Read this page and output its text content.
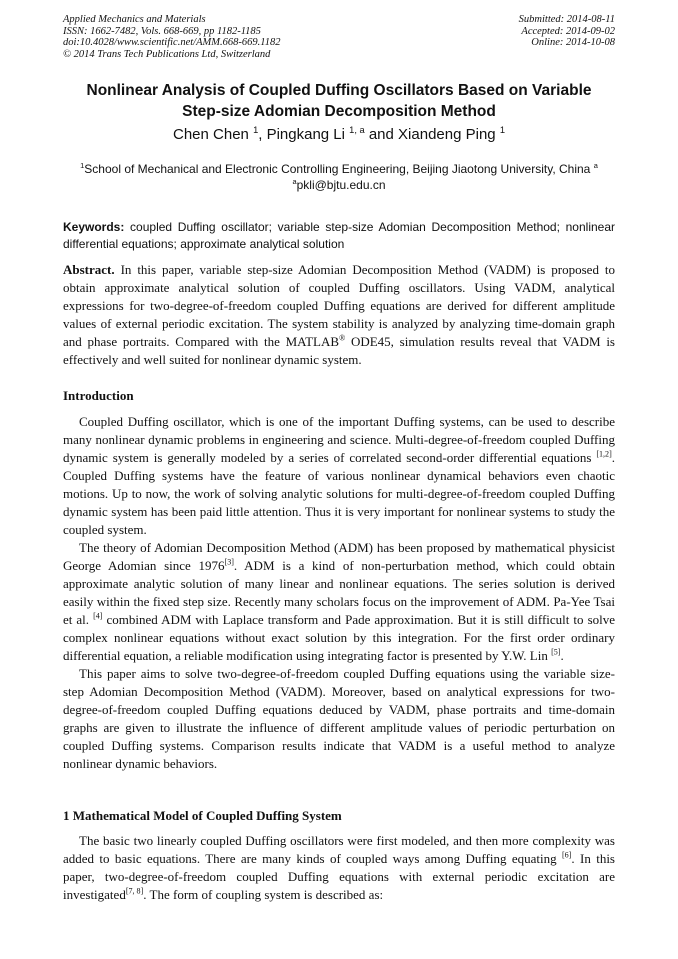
Applied Mechanics and Materials
ISSN: 1662-7482, Vols. 668-669, pp 1182-1185
doi:10.4028/www.scientific.net/AMM.668-669.1182
© 2014 Trans Tech Publications Ltd, Switzerland
Submitted: 2014-08-11
Accepted: 2014-09-02
Online: 2014-10-08
Nonlinear Analysis of Coupled Duffing Oscillators Based on Variable
Step-size Adomian Decomposition Method
Chen Chen $^1$, Pingkang Li $^{1, a}$ and Xiandeng Ping $^1$
$^1$School of Mechanical and Electronic Controlling Engineering, Beijing Jiaotong University, China $^a$
$^a$pkli@bjtu.edu.cn
Keywords: coupled Duffing oscillator; variable step-size Adomian Decomposition Method; nonlinear differential equations; approximate analytical solution
Abstract. In this paper, variable step-size Adomian Decomposition Method (VADM) is proposed to obtain approximate analytical solution of coupled Duffing oscillators. Using VADM, analytical expressions for two-degree-of-freedom coupled Duffing equations are derived for different amplitude values of external periodic excitation. The system stability is analyzed by analyzing time-domain graph and phase portraits. Compared with the MATLAB® ODE45, simulation results reveal that VADM is effectively and well suited for nonlinear dynamic system.
Introduction

Coupled Duffing oscillator, which is one of the important Duffing systems, can be used to describe many nonlinear dynamic problems in engineering and science. Multi-degree-of-freedom coupled Duffing dynamic system is generally modeled by a series of correlated second-order differential equations [1,2]. Coupled Duffing systems have the feature of various nonlinear dynamical behaviors even chaotic motions. Up to now, the work of solving analytic solutions for multi-degree-of-freedom coupled Duffing dynamic system has been paid little attention. Thus it is very important for nonlinear systems to study the coupled system.

The theory of Adomian Decomposition Method (ADM) has been proposed by mathematical physicist George Adomian since 1976[3]. ADM is a kind of non-perturbation method, which could obtain approximate analytic solution of many linear and nonlinear equations. The series solution is derived easily within the fixed step size. Recently many scholars focus on the improvement of ADM. Pa-Yee Tsai et al. [4] combined ADM with Laplace transform and Pade approximation. But it is still difficult to solve complex nonlinear equations without exact solution by this integration. For the first order ordinary differential equation, a reliable modification using integrating factor is presented by Y.W. Lin [5].

This paper aims to solve two-degree-of-freedom coupled Duffing equations using the variable size-step Adomian Decomposition Method (VADM). Moreover, based on analytical expressions for two-degree-of-freedom coupled Duffing equations deduced by VADM, phase portraits and time-domain graphs are given to illustrate the influence of different amplitude values of periodic perturbation on coupled Duffing systems. Comparison results indicate that VADM is a useful method to analyze nonlinear dynamic behaviors.

1 Mathematical Model of Coupled Duffing System

The basic two linearly coupled Duffing oscillators were first modeled, and then more complexity was added to basic equations. There are many kinds of coupled ways among Duffing equating [6]. In this paper, two-degree-of-freedom coupled Duffing equations with external periodic excitation are investigated[7, 8]. The form of coupling system is described as:
